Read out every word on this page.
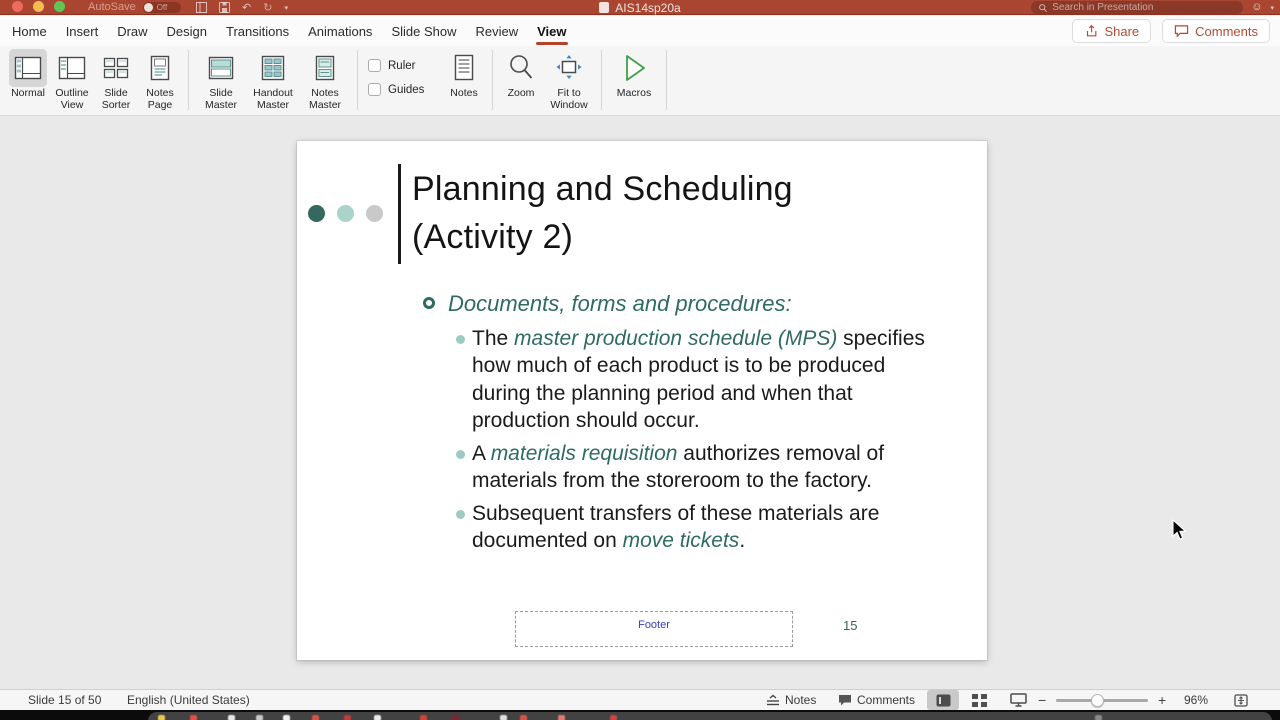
AutoSave	Off	↶ ↻ ▾	AIS14sp20a	Search in Presentation	☺ ▾
Home Insert Draw Design Transitions Animations Slide Show Review View	Share	Comments
Normal Outline View
Slide Sorter
Notes Page
Slide Master
Handout Master
Notes Master
Ruler
Guides Notes	Zoom	Fit to Window
Macros
Planning and Scheduling
(Activity 2)
Documents, forms and procedures:
The master production schedule (MPS) specifies how much of each product is to be produced during the planning period and when that production should occur.
A materials requisition authorizes removal of materials from the storeroom to the factory.
Subsequent transfers of these materials are documented on move tickets.
Footer	15
Slide 15 of 50 English (United States)	Notes	Comments	−	+ 96%
